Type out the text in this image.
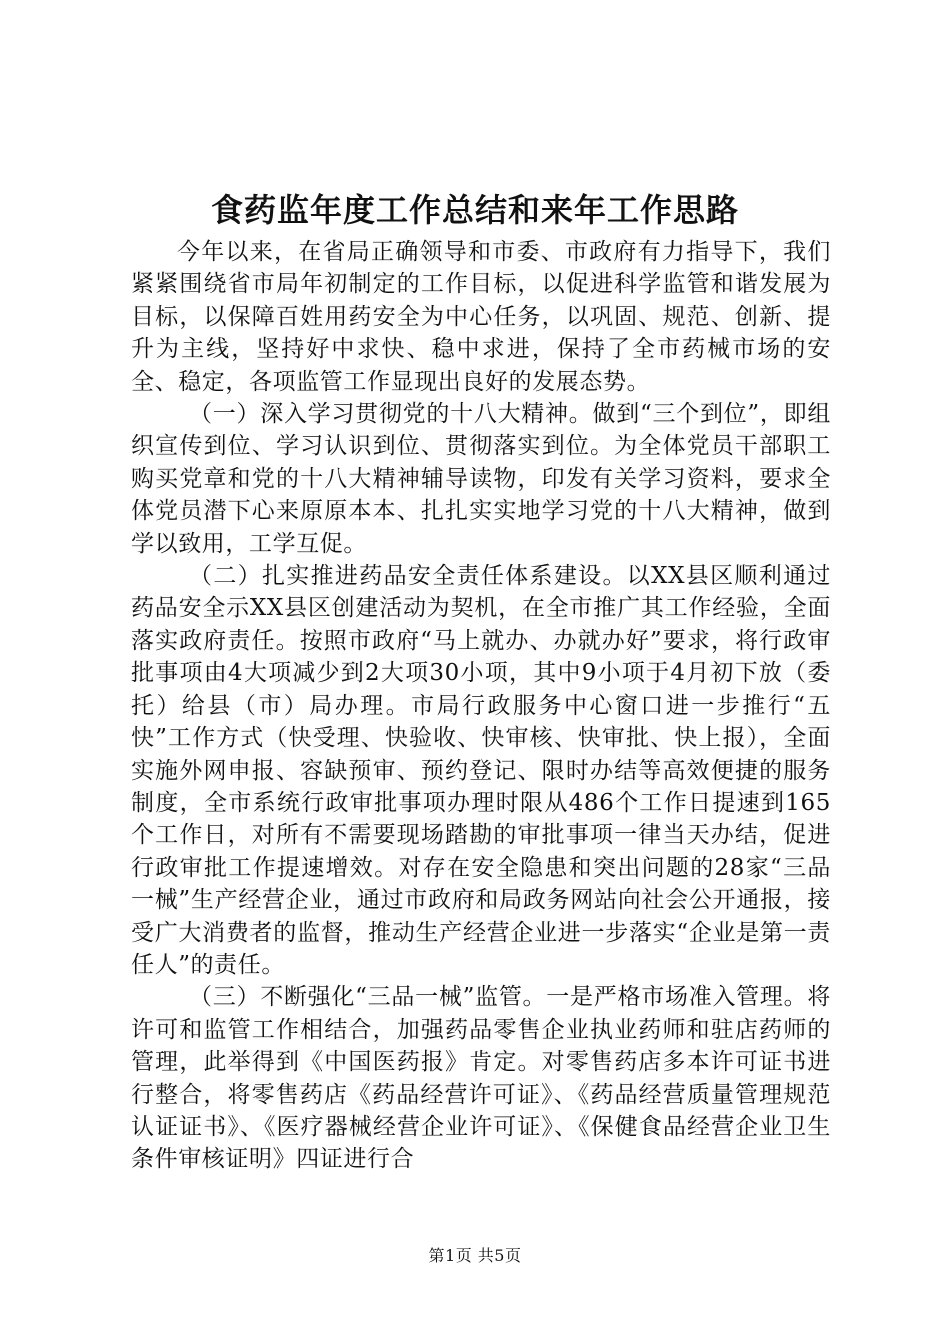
食药监年度工作总结和来年工作思路

今年以来，在省局正确领导和市委、市政府有力指导下，我们紧紧围绕省市局年初制定的工作目标，以促进科学监管和谐发展为目标，以保障百姓用药安全为中心任务，以巩固、规范、创新、提升为主线，坚持好中求快、稳中求进，保持了全市药械市场的安全、稳定，各项监管工作显现出良好的发展态势。

（一）深入学习贯彻党的十八大精神。做到“三个到位”，即组织宣传到位、学习认识到位、贯彻落实到位。为全体党员干部职工购买党章和党的十八大精神辅导读物，印发有关学习资料，要求全体党员潜下心来原原本本、扎扎实实地学习党的十八大精神，做到学以致用，工学互促。

（二）扎实推进药品安全责任体系建设。以XX县区顺利通过药品安全示XX县区创建活动为契机，在全市推广其工作经验，全面落实政府责任。按照市政府“马上就办、办就办好”要求，将行政审批事项由4大项减少到2大项30小项，其中9小项于4月初下放（委托）给县（市）局办理。市局行政服务中心窗口进一步推行“五快”工作方式（快受理、快验收、快审核、快审批、快上报），全面实施外网申报、容缺预审、预约登记、限时办结等高效便捷的服务制度，全市系统行政审批事项办理时限从486个工作日提速到165个工作日，对所有不需要现场踏勘的审批事项一律当天办结，促进行政审批工作提速增效。对存在安全隐患和突出问题的28家“三品一械”生产经营企业，通过市政府和局政务网站向社会公开通报，接受广大消费者的监督，推动生产经营企业进一步落实“企业是第一责任人”的责任。

（三）不断强化“三品一械”监管。一是严格市场准入管理。将许可和监管工作相结合，加强药品零售企业执业药师和驻店药师的管理，此举得到《中国医药报》肯定。对零售药店多本许可证书进行整合，将零售药店《药品经营许可证》、《药品经营质量管理规范认证证书》、《医疗器械经营企业许可证》、《保健食品经营企业卫生条件审核证明》四证进行合

第1页 共5页
